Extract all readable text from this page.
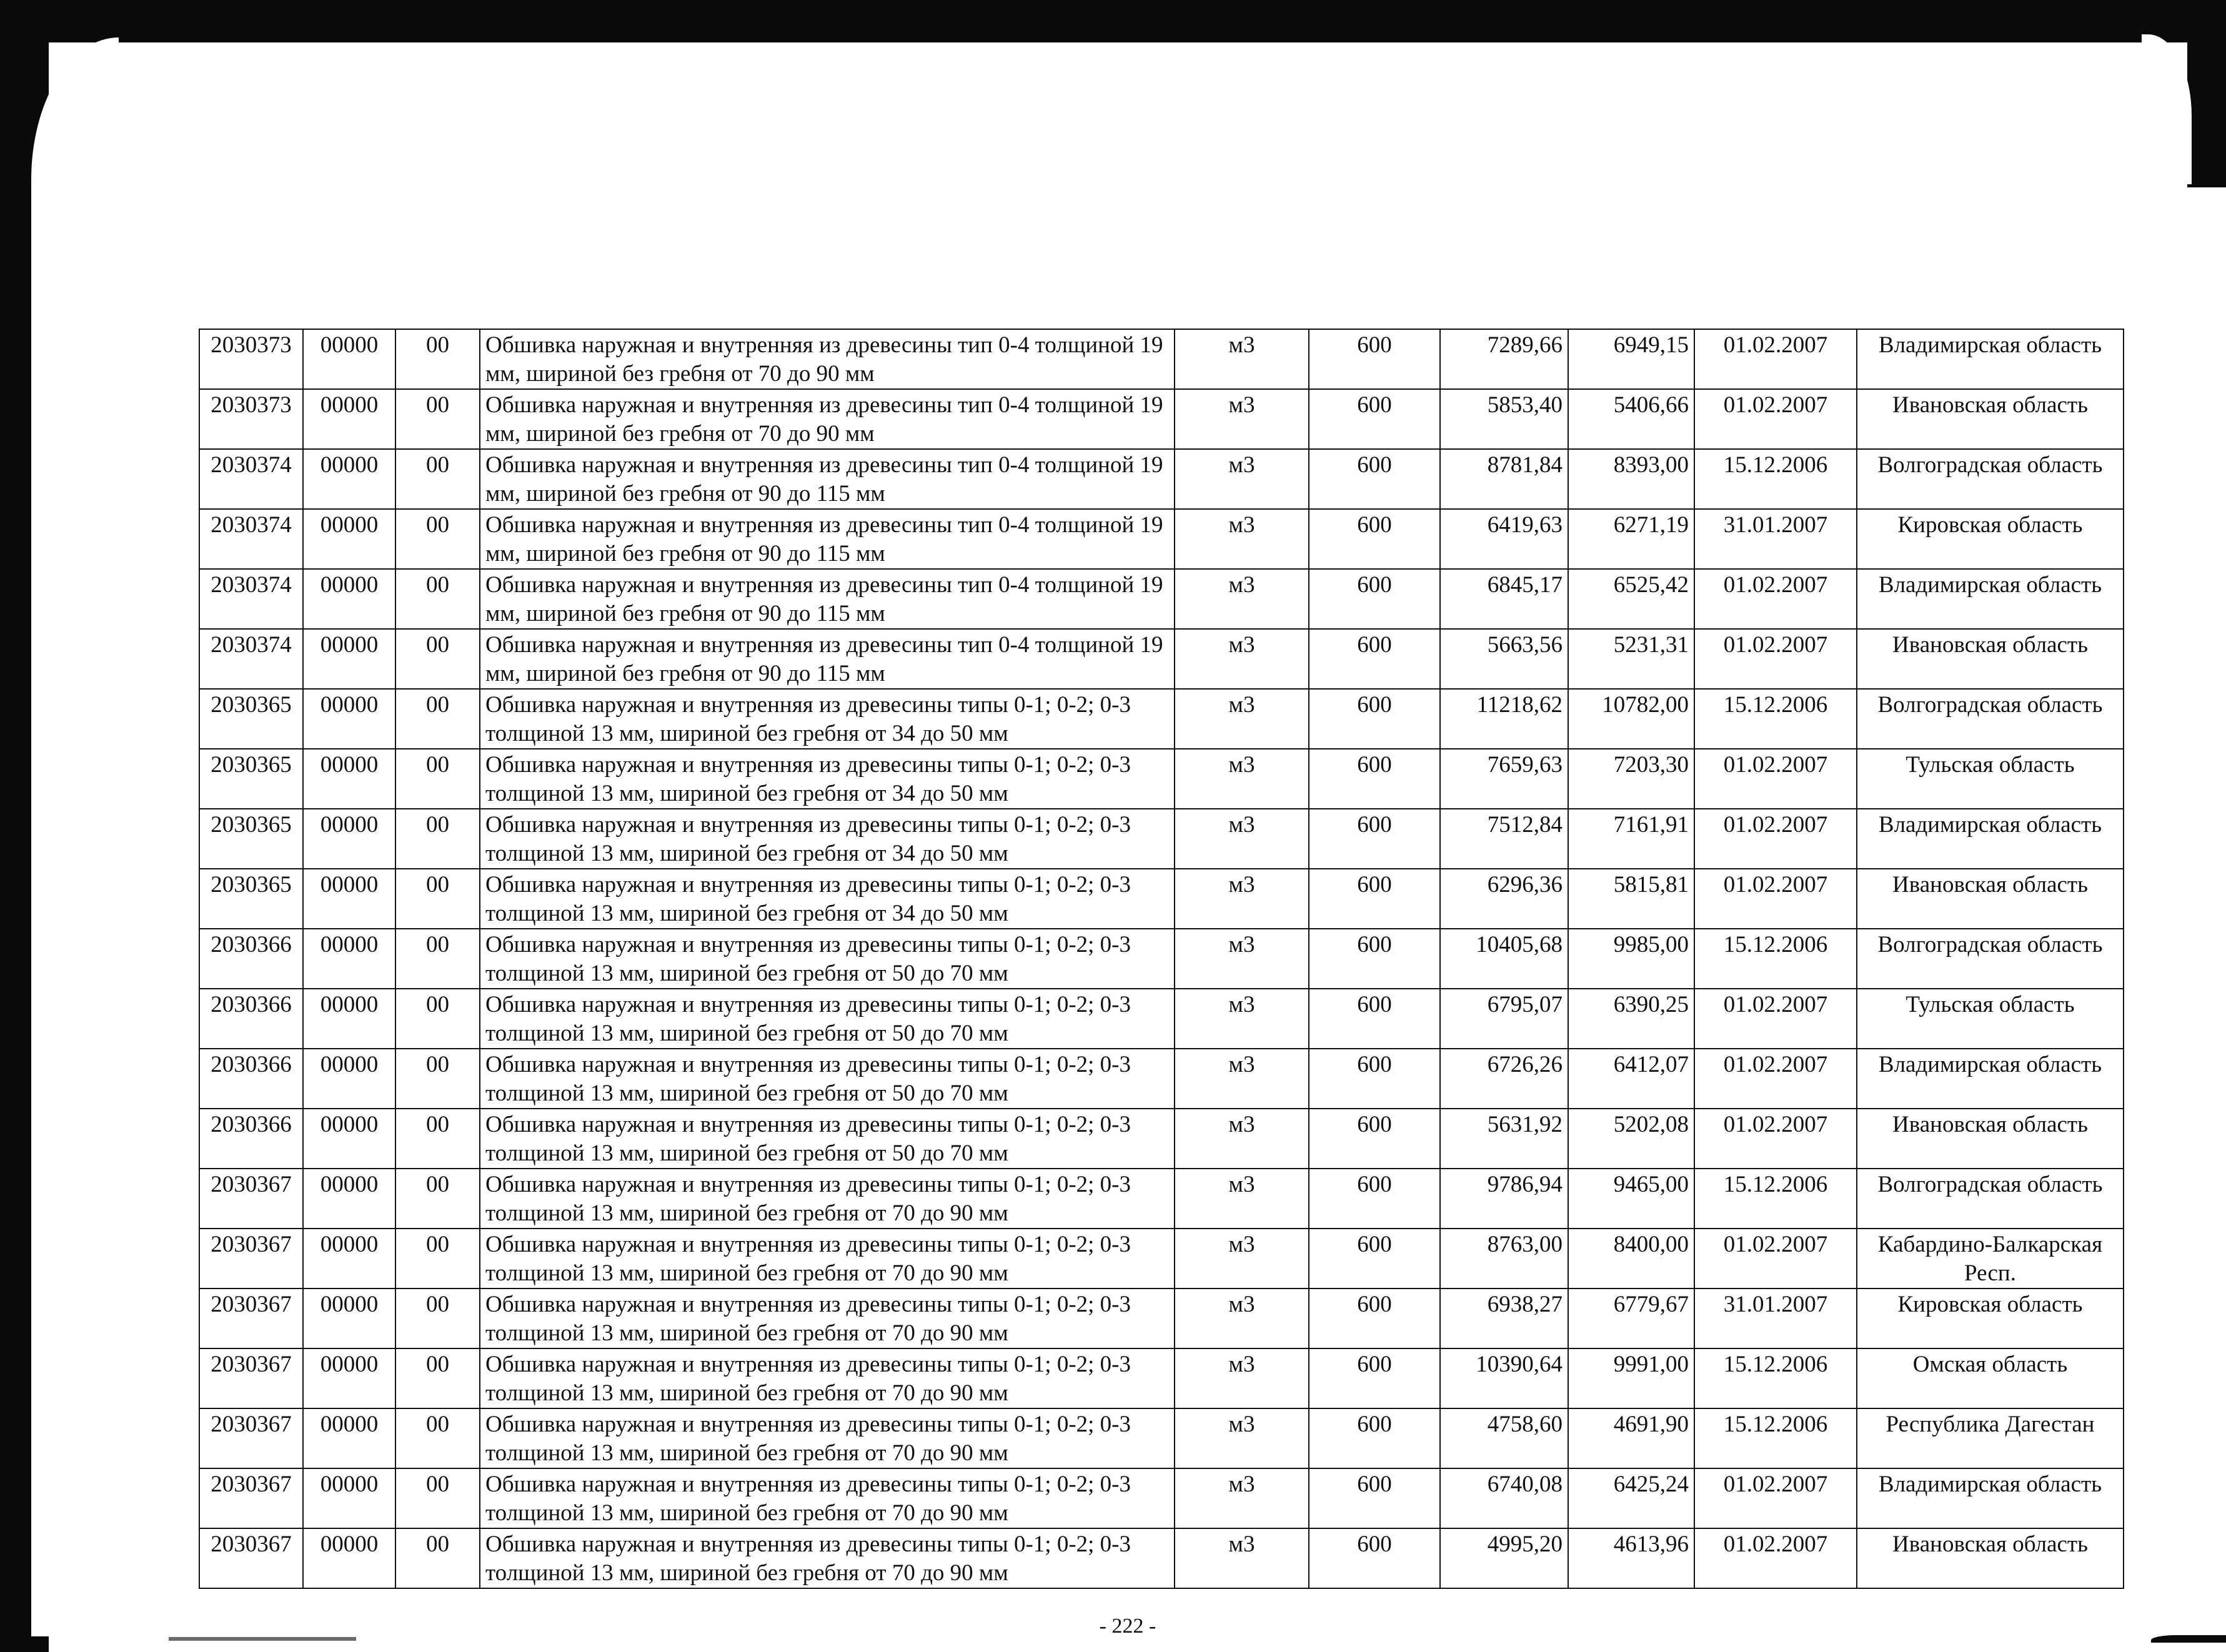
2030373	00000	00	Обшивка наружная и внутренняя из древесины тип 0-4 толщиной 19 мм, шириной без гребня от 70 до 90 мм	м3	600	7289,66	6949,15	01.02.2007	Владимирская область
2030373	00000	00	Обшивка наружная и внутренняя из древесины тип 0-4 толщиной 19 мм, шириной без гребня от 70 до 90 мм	м3	600	5853,40	5406,66	01.02.2007	Ивановская область
2030374	00000	00	Обшивка наружная и внутренняя из древесины тип 0-4 толщиной 19 мм, шириной без гребня от 90 до 115 мм	м3	600	8781,84	8393,00	15.12.2006	Волгоградская область
2030374	00000	00	Обшивка наружная и внутренняя из древесины тип 0-4 толщиной 19 мм, шириной без гребня от 90 до 115 мм	м3	600	6419,63	6271,19	31.01.2007	Кировская область
2030374	00000	00	Обшивка наружная и внутренняя из древесины тип 0-4 толщиной 19 мм, шириной без гребня от 90 до 115 мм	м3	600	6845,17	6525,42	01.02.2007	Владимирская область
2030374	00000	00	Обшивка наружная и внутренняя из древесины тип 0-4 толщиной 19 мм, шириной без гребня от 90 до 115 мм	м3	600	5663,56	5231,31	01.02.2007	Ивановская область
2030365	00000	00	Обшивка наружная и внутренняя из древесины типы 0-1; 0-2; 0-3 толщиной 13 мм, шириной без гребня от 34 до 50 мм	м3	600	11218,62	10782,00	15.12.2006	Волгоградская область
2030365	00000	00	Обшивка наружная и внутренняя из древесины типы 0-1; 0-2; 0-3 толщиной 13 мм, шириной без гребня от 34 до 50 мм	м3	600	7659,63	7203,30	01.02.2007	Тульская область
2030365	00000	00	Обшивка наружная и внутренняя из древесины типы 0-1; 0-2; 0-3 толщиной 13 мм, шириной без гребня от 34 до 50 мм	м3	600	7512,84	7161,91	01.02.2007	Владимирская область
2030365	00000	00	Обшивка наружная и внутренняя из древесины типы 0-1; 0-2; 0-3 толщиной 13 мм, шириной без гребня от 34 до 50 мм	м3	600	6296,36	5815,81	01.02.2007	Ивановская область
2030366	00000	00	Обшивка наружная и внутренняя из древесины типы 0-1; 0-2; 0-3 толщиной 13 мм, шириной без гребня от 50 до 70 мм	м3	600	10405,68	9985,00	15.12.2006	Волгоградская область
2030366	00000	00	Обшивка наружная и внутренняя из древесины типы 0-1; 0-2; 0-3 толщиной 13 мм, шириной без гребня от 50 до 70 мм	м3	600	6795,07	6390,25	01.02.2007	Тульская область
2030366	00000	00	Обшивка наружная и внутренняя из древесины типы 0-1; 0-2; 0-3 толщиной 13 мм, шириной без гребня от 50 до 70 мм	м3	600	6726,26	6412,07	01.02.2007	Владимирская область
2030366	00000	00	Обшивка наружная и внутренняя из древесины типы 0-1; 0-2; 0-3 толщиной 13 мм, шириной без гребня от 50 до 70 мм	м3	600	5631,92	5202,08	01.02.2007	Ивановская область
2030367	00000	00	Обшивка наружная и внутренняя из древесины типы 0-1; 0-2; 0-3 толщиной 13 мм, шириной без гребня от 70 до 90 мм	м3	600	9786,94	9465,00	15.12.2006	Волгоградская область
2030367	00000	00	Обшивка наружная и внутренняя из древесины типы 0-1; 0-2; 0-3 толщиной 13 мм, шириной без гребня от 70 до 90 мм	м3	600	8763,00	8400,00	01.02.2007	Кабардино-Балкарская Респ.
2030367	00000	00	Обшивка наружная и внутренняя из древесины типы 0-1; 0-2; 0-3 толщиной 13 мм, шириной без гребня от 70 до 90 мм	м3	600	6938,27	6779,67	31.01.2007	Кировская область
2030367	00000	00	Обшивка наружная и внутренняя из древесины типы 0-1; 0-2; 0-3 толщиной 13 мм, шириной без гребня от 70 до 90 мм	м3	600	10390,64	9991,00	15.12.2006	Омская область
2030367	00000	00	Обшивка наружная и внутренняя из древесины типы 0-1; 0-2; 0-3 толщиной 13 мм, шириной без гребня от 70 до 90 мм	м3	600	4758,60	4691,90	15.12.2006	Республика Дагестан
2030367	00000	00	Обшивка наружная и внутренняя из древесины типы 0-1; 0-2; 0-3 толщиной 13 мм, шириной без гребня от 70 до 90 мм	м3	600	6740,08	6425,24	01.02.2007	Владимирская область
2030367	00000	00	Обшивка наружная и внутренняя из древесины типы 0-1; 0-2; 0-3 толщиной 13 мм, шириной без гребня от 70 до 90 мм	м3	600	4995,20	4613,96	01.02.2007	Ивановская область
- 222 -
